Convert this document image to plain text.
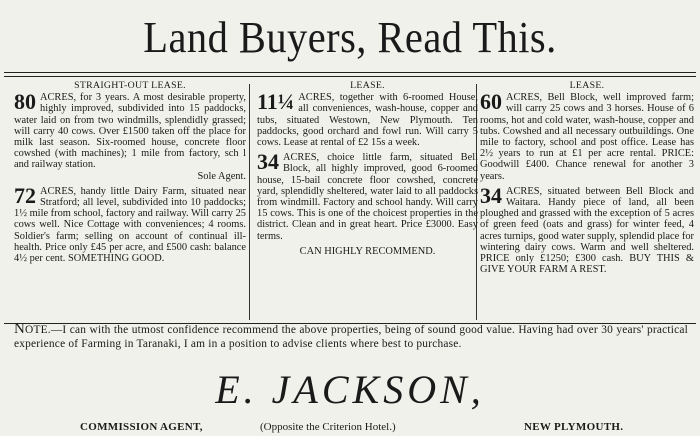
Land Buyers, Read This.
STRAIGHT-OUT LEASE.
80 ACRES, for 3 years. A most desirable property, highly improved, subdivided into 15 paddocks, water laid on from two windmills, splendidly grassed; will carry 40 cows. Over £1500 taken off the place for milk last season. Six-roomed house, concrete floor cowshed (with machines); 1 mile from factory, sch l and railway station.
Sole Agent.
72 ACRES, handy little Dairy Farm, situated near Stratford; all level, subdivided into 10 paddocks; 1½ mile from school, factory and railway. Will carry 25 cows well. Nice Cottage with conveniences; 4 rooms. Soldier's farm; selling on account of continual ill-health. Price only £45 per acre, and £500 cash: balance 4½ per cent. SOMETHING GOOD.
LEASE.
11¼ ACRES, together with 6-roomed House, all conveniences, wash-house, copper and tubs, situated Westown, New Plymouth. Ten paddocks, good orchard and fowl run. Will carry 5 cows. Lease at rental of £2 15s a week.
34 ACRES, choice little farm, situated Bell Block, all highly improved, good 6-roomed house, 15-bail concrete floor cowshed, concrete yard, splendidly sheltered, water laid to all paddocks from windmill. Factory and school handy. Will carry 15 cows. This is one of the choicest properties in the district. Clean and in great heart. Price £3000. Easy terms.
CAN HIGHLY RECOMMEND.
LEASE.
60 ACRES, Bell Block, well improved farm; will carry 25 cows and 3 horses. House of 6 rooms, hot and cold water, wash-house, copper and tubs. Cowshed and all necessary outbuildings. One mile to factory, school and post office. Lease has 2½ years to run at £1 per acre rental. PRICE: Goodwill £400. Chance renewal for another 3 years.
34 ACRES, situated between Bell Block and Waitara. Handy piece of land, all been ploughed and grassed with the exception of 5 acres of green feed (oats and grass) for winter feed, 4 acres turnips, good water supply, splendid place for wintering dairy cows. Warm and well sheltered. PRICE only £1250; £300 cash. BUY THIS & GIVE YOUR FARM A REST.
NOTE.—I can with the utmost confidence recommend the above properties, being of sound good value. Having had over 30 years' practical experience of Farming in Taranaki, I am in a position to advise clients where best to purchase.
E. JACKSON,
COMMISSION AGENT,	(Opposite the Criterion Hotel.)	NEW PLYMOUTH.
